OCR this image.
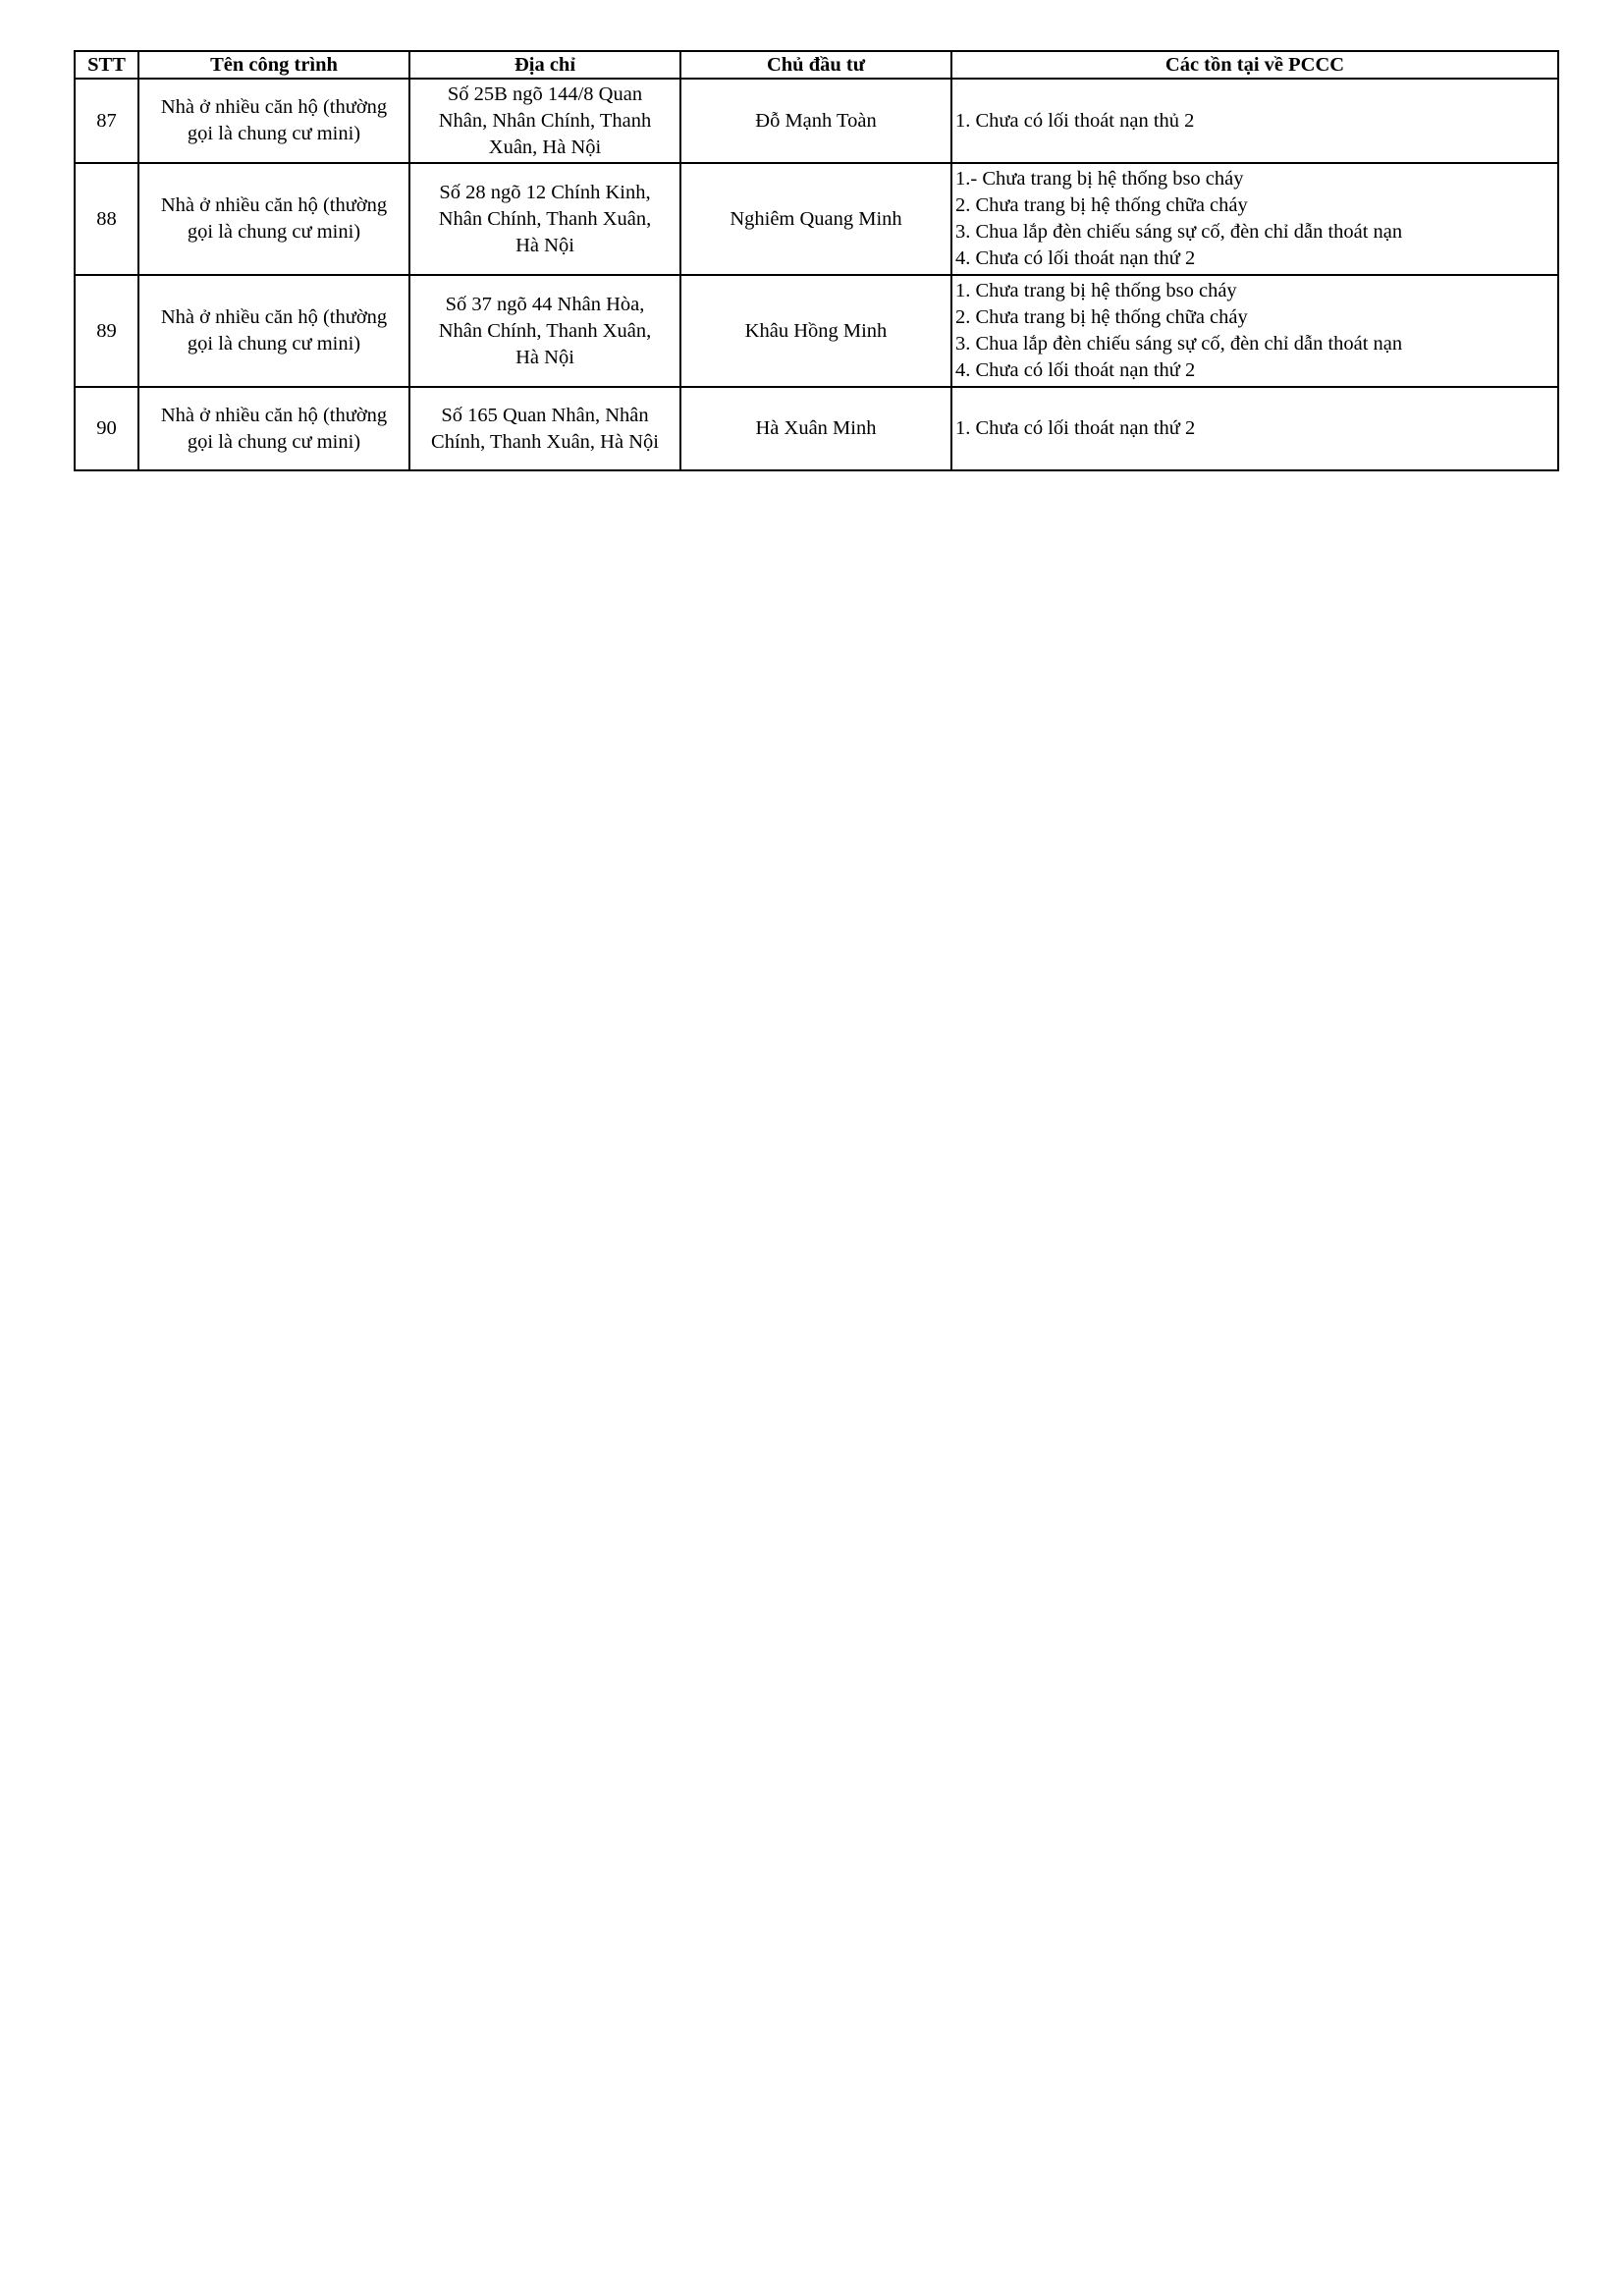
STT	Tên công trình	Địa chỉ	Chủ đầu tư	Các tồn tại về PCCC

87	Nhà ở nhiều căn hộ (thường
gọi là chung cư mini)	Số 25B ngõ 144/8 Quan
Nhân, Nhân Chính, Thanh
Xuân, Hà Nội	Đỗ Mạnh Toàn	1. Chưa có lối thoát nạn thủ 2

88	Nhà ở nhiều căn hộ (thường
gọi là chung cư mini)	Số 28 ngõ 12 Chính Kinh,
Nhân Chính, Thanh Xuân,
Hà Nội	Nghiêm Quang Minh	1.- Chưa trang bị hệ thống bso cháy
2. Chưa trang bị hệ thống chữa cháy
3. Chua lắp đèn chiếu sáng sự cố, đèn chỉ dẫn thoát nạn
4. Chưa có lối thoát nạn thứ 2

89	Nhà ở nhiều căn hộ (thường
gọi là chung cư mini)	Số 37 ngõ 44 Nhân Hòa,
Nhân Chính, Thanh Xuân,
Hà Nội	Khâu Hồng Minh	1. Chưa trang bị hệ thống bso cháy
2. Chưa trang bị hệ thống chữa cháy
3. Chua lắp đèn chiếu sáng sự cố, đèn chỉ dẫn thoát nạn
4. Chưa có lối thoát nạn thứ 2

90	Nhà ở nhiều căn hộ (thường
gọi là chung cư mini)	Số 165 Quan Nhân, Nhân
Chính, Thanh Xuân, Hà Nội	Hà Xuân Minh	1. Chưa có lối thoát nạn thứ 2
